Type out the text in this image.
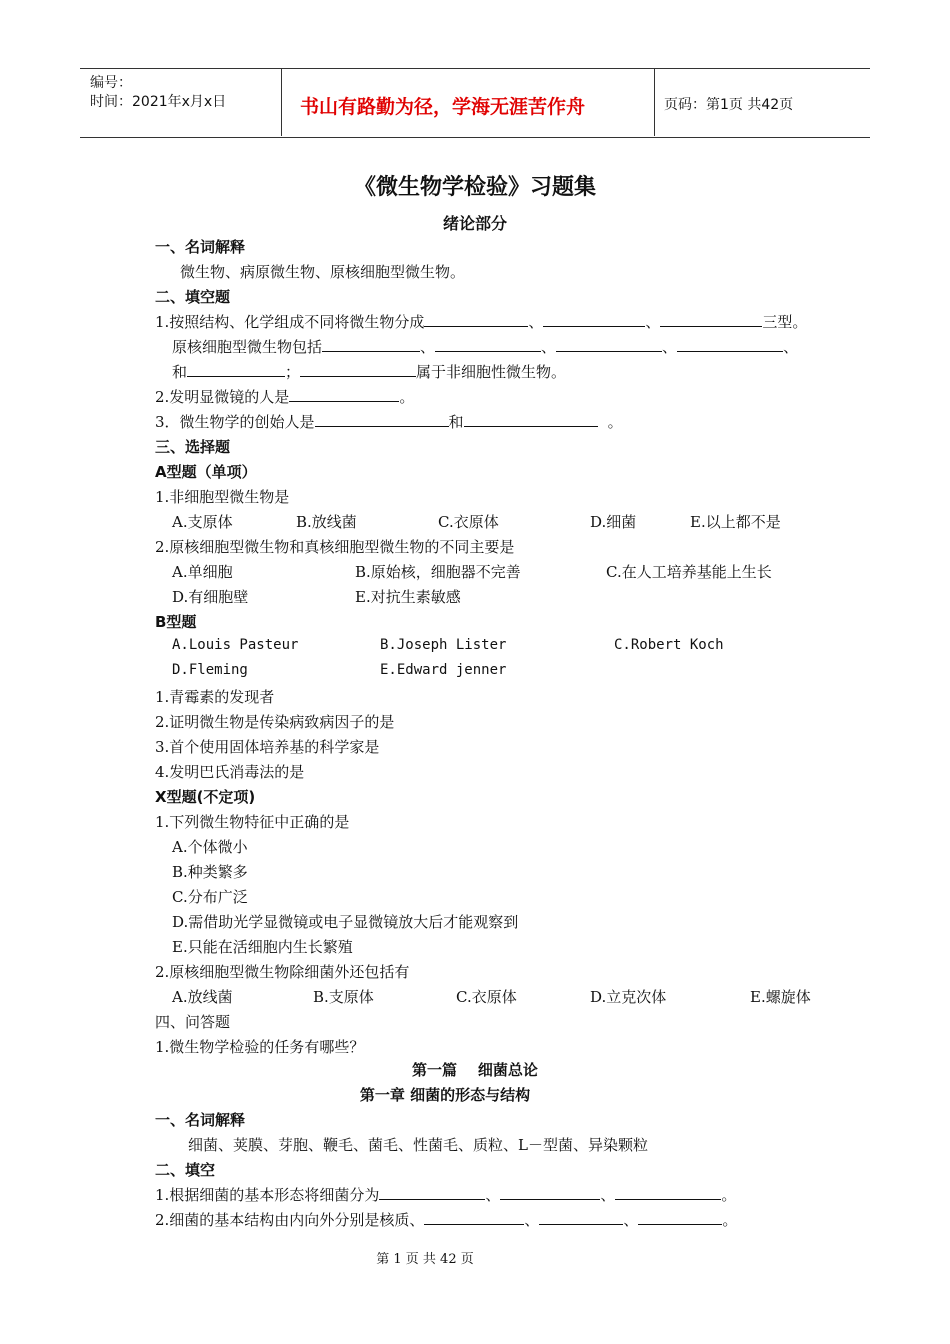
编号：
时间：2021年x月x日	书山有路勤为径，学海无涯苦作舟	页码：第1页 共42页
《微生物学检验》习题集
绪论部分
一、名词解释
微生物、病原微生物、原核细胞型微生物。
二、填空题
1.按照结构、化学组成不同将微生物分成	、	、	三型。
原核细胞型微生物包括	、	、	、	、
和	；	属于非细胞性微生物。
2.发明显微镜的人是	。
3．微生物学的创始人是	和	。
三、选择题
A型题（单项）
1.非细胞型微生物是
A.支原体	B.放线菌	C.衣原体	D.细菌	E.以上都不是
2.原核细胞型微生物和真核细胞型微生物的不同主要是
A.单细胞	B.原始核，细胞器不完善	C.在人工培养基能上生长
D.有细胞壁	E.对抗生素敏感
B型题
A.Louis Pasteur	B.Joseph Lister	C.Robert Koch
D.Fleming	E.Edward jenner
1.青霉素的发现者
2.证明微生物是传染病致病因子的是
3.首个使用固体培养基的科学家是
4.发明巴氏消毒法的是
X型题(不定项)
1.下列微生物特征中正确的是
A.个体微小
B.种类繁多
C.分布广泛
D.需借助光学显微镜或电子显微镜放大后才能观察到
E.只能在活细胞内生长繁殖
2.原核细胞型微生物除细菌外还包括有
A.放线菌	B.支原体	C.衣原体	D.立克次体	E.螺旋体
四、问答题
1.微生物学检验的任务有哪些？
第一篇    细菌总论
第一章 细菌的形态与结构
一、名词解释
细菌、荚膜、芽胞、鞭毛、菌毛、性菌毛、质粒、L－型菌、异染颗粒
二、填空
1.根据细菌的基本形态将细菌分为	、	、	。
2.细菌的基本结构由内向外分别是核质、	、	、	。
第 1 页 共 42 页
